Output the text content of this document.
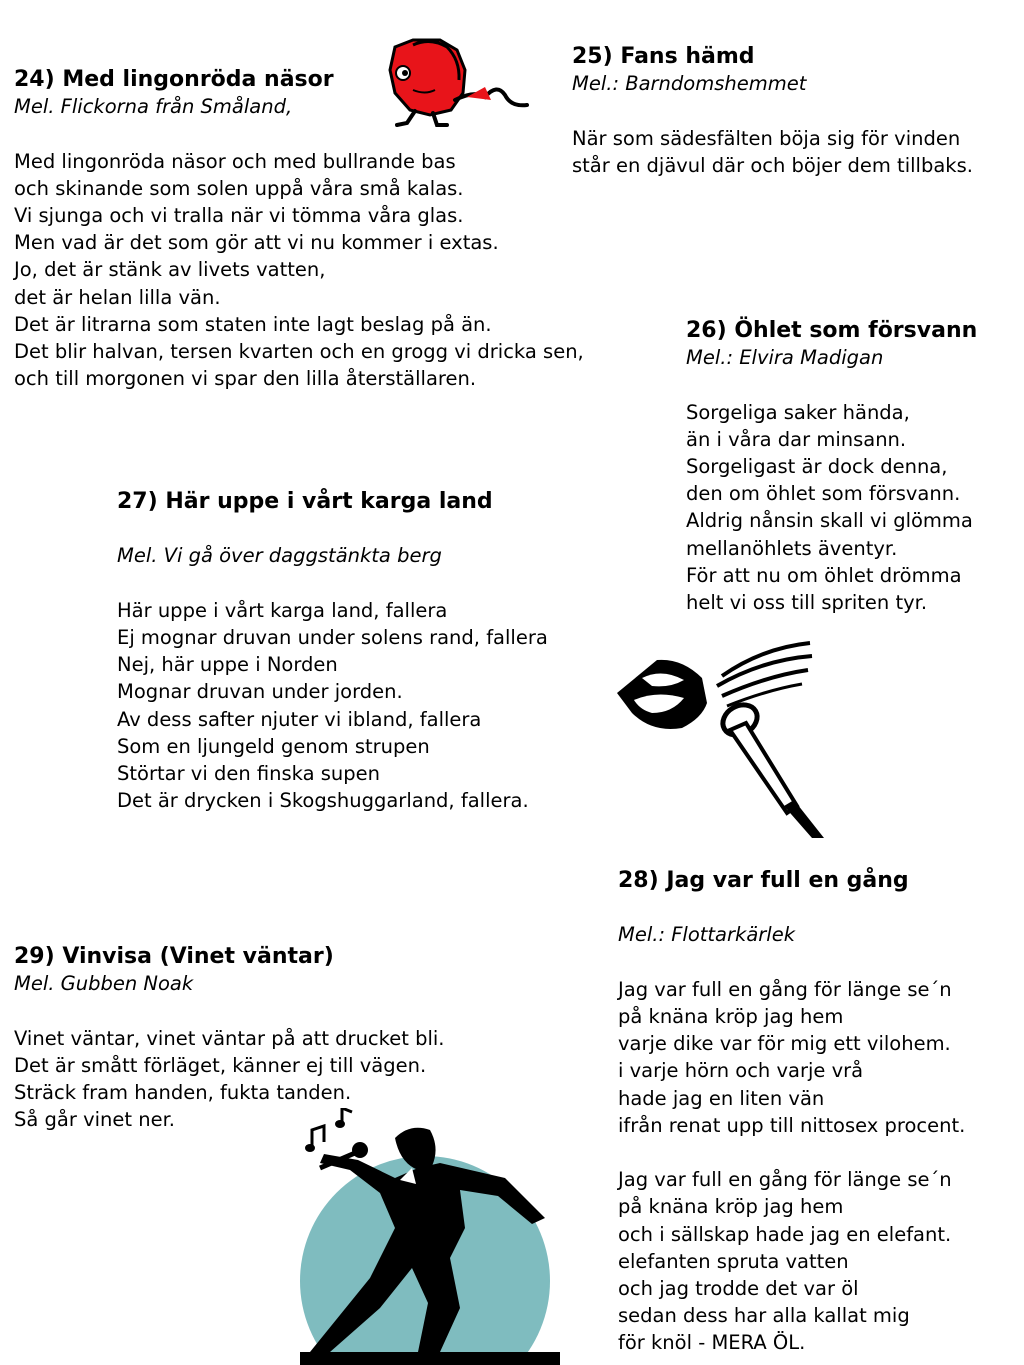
24) Med lingonröda näsor
Mel. Flickorna från Småland,
Med lingonröda näsor och med bullrande bas
och skinande som solen uppå våra små kalas.
Vi sjunga och vi tralla när vi tömma våra glas.
Men vad är det som gör att vi nu kommer i extas.
Jo, det är stänk av livets vatten,
det är helan lilla vän.
Det är litrarna som staten inte lagt beslag på än.
Det blir halvan, tersen kvarten och en grogg vi dricka sen,
och till morgonen vi spar den lilla återställaren.
25) Fans hämd
Mel.: Barndomshemmet
När som sädesfälten böja sig för vinden
står en djävul där och böjer dem tillbaks.
26) Öhlet som försvann
Mel.: Elvira Madigan
Sorgeliga saker hända,
än i våra dar minsann.
Sorgeligast är dock denna,
den om öhlet som försvann.
Aldrig nånsin skall vi glömma
mellanöhlets äventyr.
För att nu om öhlet drömma
helt vi oss till spriten tyr.
27) Här uppe i vårt karga land
Mel. Vi gå över daggstänkta berg
Här uppe i vårt karga land, fallera
Ej mognar druvan under solens rand, fallera
Nej, här uppe i Norden
Mognar druvan under jorden.
Av dess safter njuter vi ibland, fallera
Som en ljungeld genom strupen
Störtar vi den finska supen
Det är drycken i Skogshuggarland, fallera.
28) Jag var full en gång
Mel.: Flottarkärlek
Jag var full en gång för länge se´n
på knäna kröp jag hem
varje dike var för mig ett vilohem.
i varje hörn och varje vrå
hade jag en liten vän
ifrån renat upp till nittosex procent.
Jag var full en gång för länge se´n
på knäna kröp jag hem
och i sällskap hade jag en elefant.
elefanten spruta vatten
och jag trodde det var öl
sedan dess har alla kallat mig
för knöl - MERA ÖL.
29) Vinvisa (Vinet väntar)
Mel. Gubben Noak
Vinet väntar, vinet väntar på att drucket bli.
Det är smått förläget, känner ej till vägen.
Sträck fram handen, fukta tanden.
Så går vinet ner.
